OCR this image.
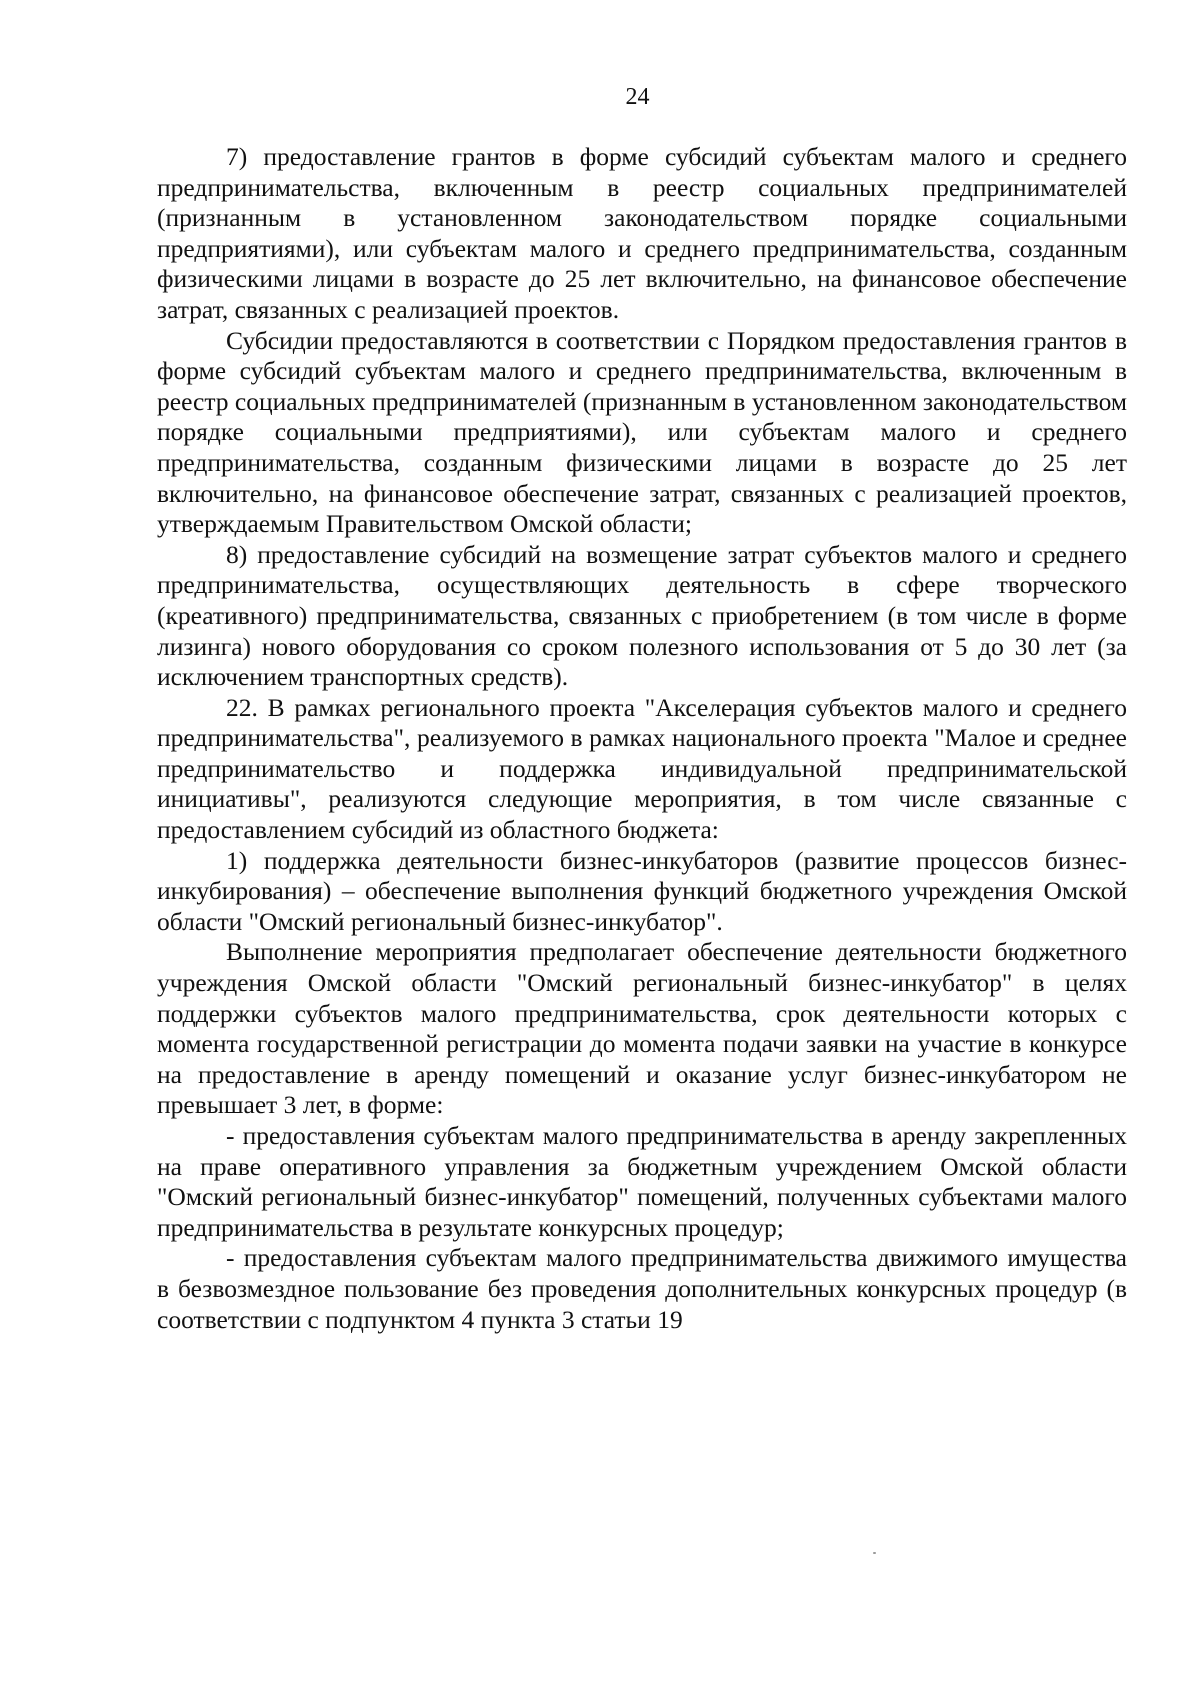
24

7) предоставление грантов в форме субсидий субъектам малого и среднего предпринимательства, включенным в реестр социальных предпринимателей (признанным в установленном законодательством порядке социальными предприятиями), или субъектам малого и среднего предпринимательства, созданным физическими лицами в возрасте до 25 лет включительно, на финансовое обеспечение затрат, связанных с реализацией проектов.

Субсидии предоставляются в соответствии с Порядком предоставления грантов в форме субсидий субъектам малого и среднего предпринимательства, включенным в реестр социальных предпринимателей (признанным в установленном законодательством порядке социальными предприятиями), или субъектам малого и среднего предпринимательства, созданным физическими лицами в возрасте до 25 лет включительно, на финансовое обеспечение затрат, связанных с реализацией проектов, утверждаемым Правительством Омской области;

8) предоставление субсидий на возмещение затрат субъектов малого и среднего предпринимательства, осуществляющих деятельность в сфере творческого (креативного) предпринимательства, связанных с приобретением (в том числе в форме лизинга) нового оборудования со сроком полезного использования от 5 до 30 лет (за исключением транспортных средств).

22. В рамках регионального проекта "Акселерация субъектов малого и среднего предпринимательства", реализуемого в рамках национального проекта "Малое и среднее предпринимательство и поддержка индивидуальной предпринимательской инициативы", реализуются следующие мероприятия, в том числе связанные с предоставлением субсидий из областного бюджета:

1) поддержка деятельности бизнес-инкубаторов (развитие процессов бизнес-инкубирования) – обеспечение выполнения функций бюджетного учреждения Омской области "Омский региональный бизнес-инкубатор".

Выполнение мероприятия предполагает обеспечение деятельности бюджетного учреждения Омской области "Омский региональный бизнес-инкубатор" в целях поддержки субъектов малого предпринимательства, срок деятельности которых с момента государственной регистрации до момента подачи заявки на участие в конкурсе на предоставление в аренду помещений и оказание услуг бизнес-инкубатором не превышает 3 лет, в форме:

- предоставления субъектам малого предпринимательства в аренду закрепленных на праве оперативного управления за бюджетным учреждением Омской области "Омский региональный бизнес-инкубатор" помещений, полученных субъектами малого предпринимательства в результате конкурсных процедур;

- предоставления субъектам малого предпринимательства движимого имущества в безвозмездное пользование без проведения дополнительных конкурсных процедур (в соответствии с подпунктом 4 пункта 3 статьи 19
